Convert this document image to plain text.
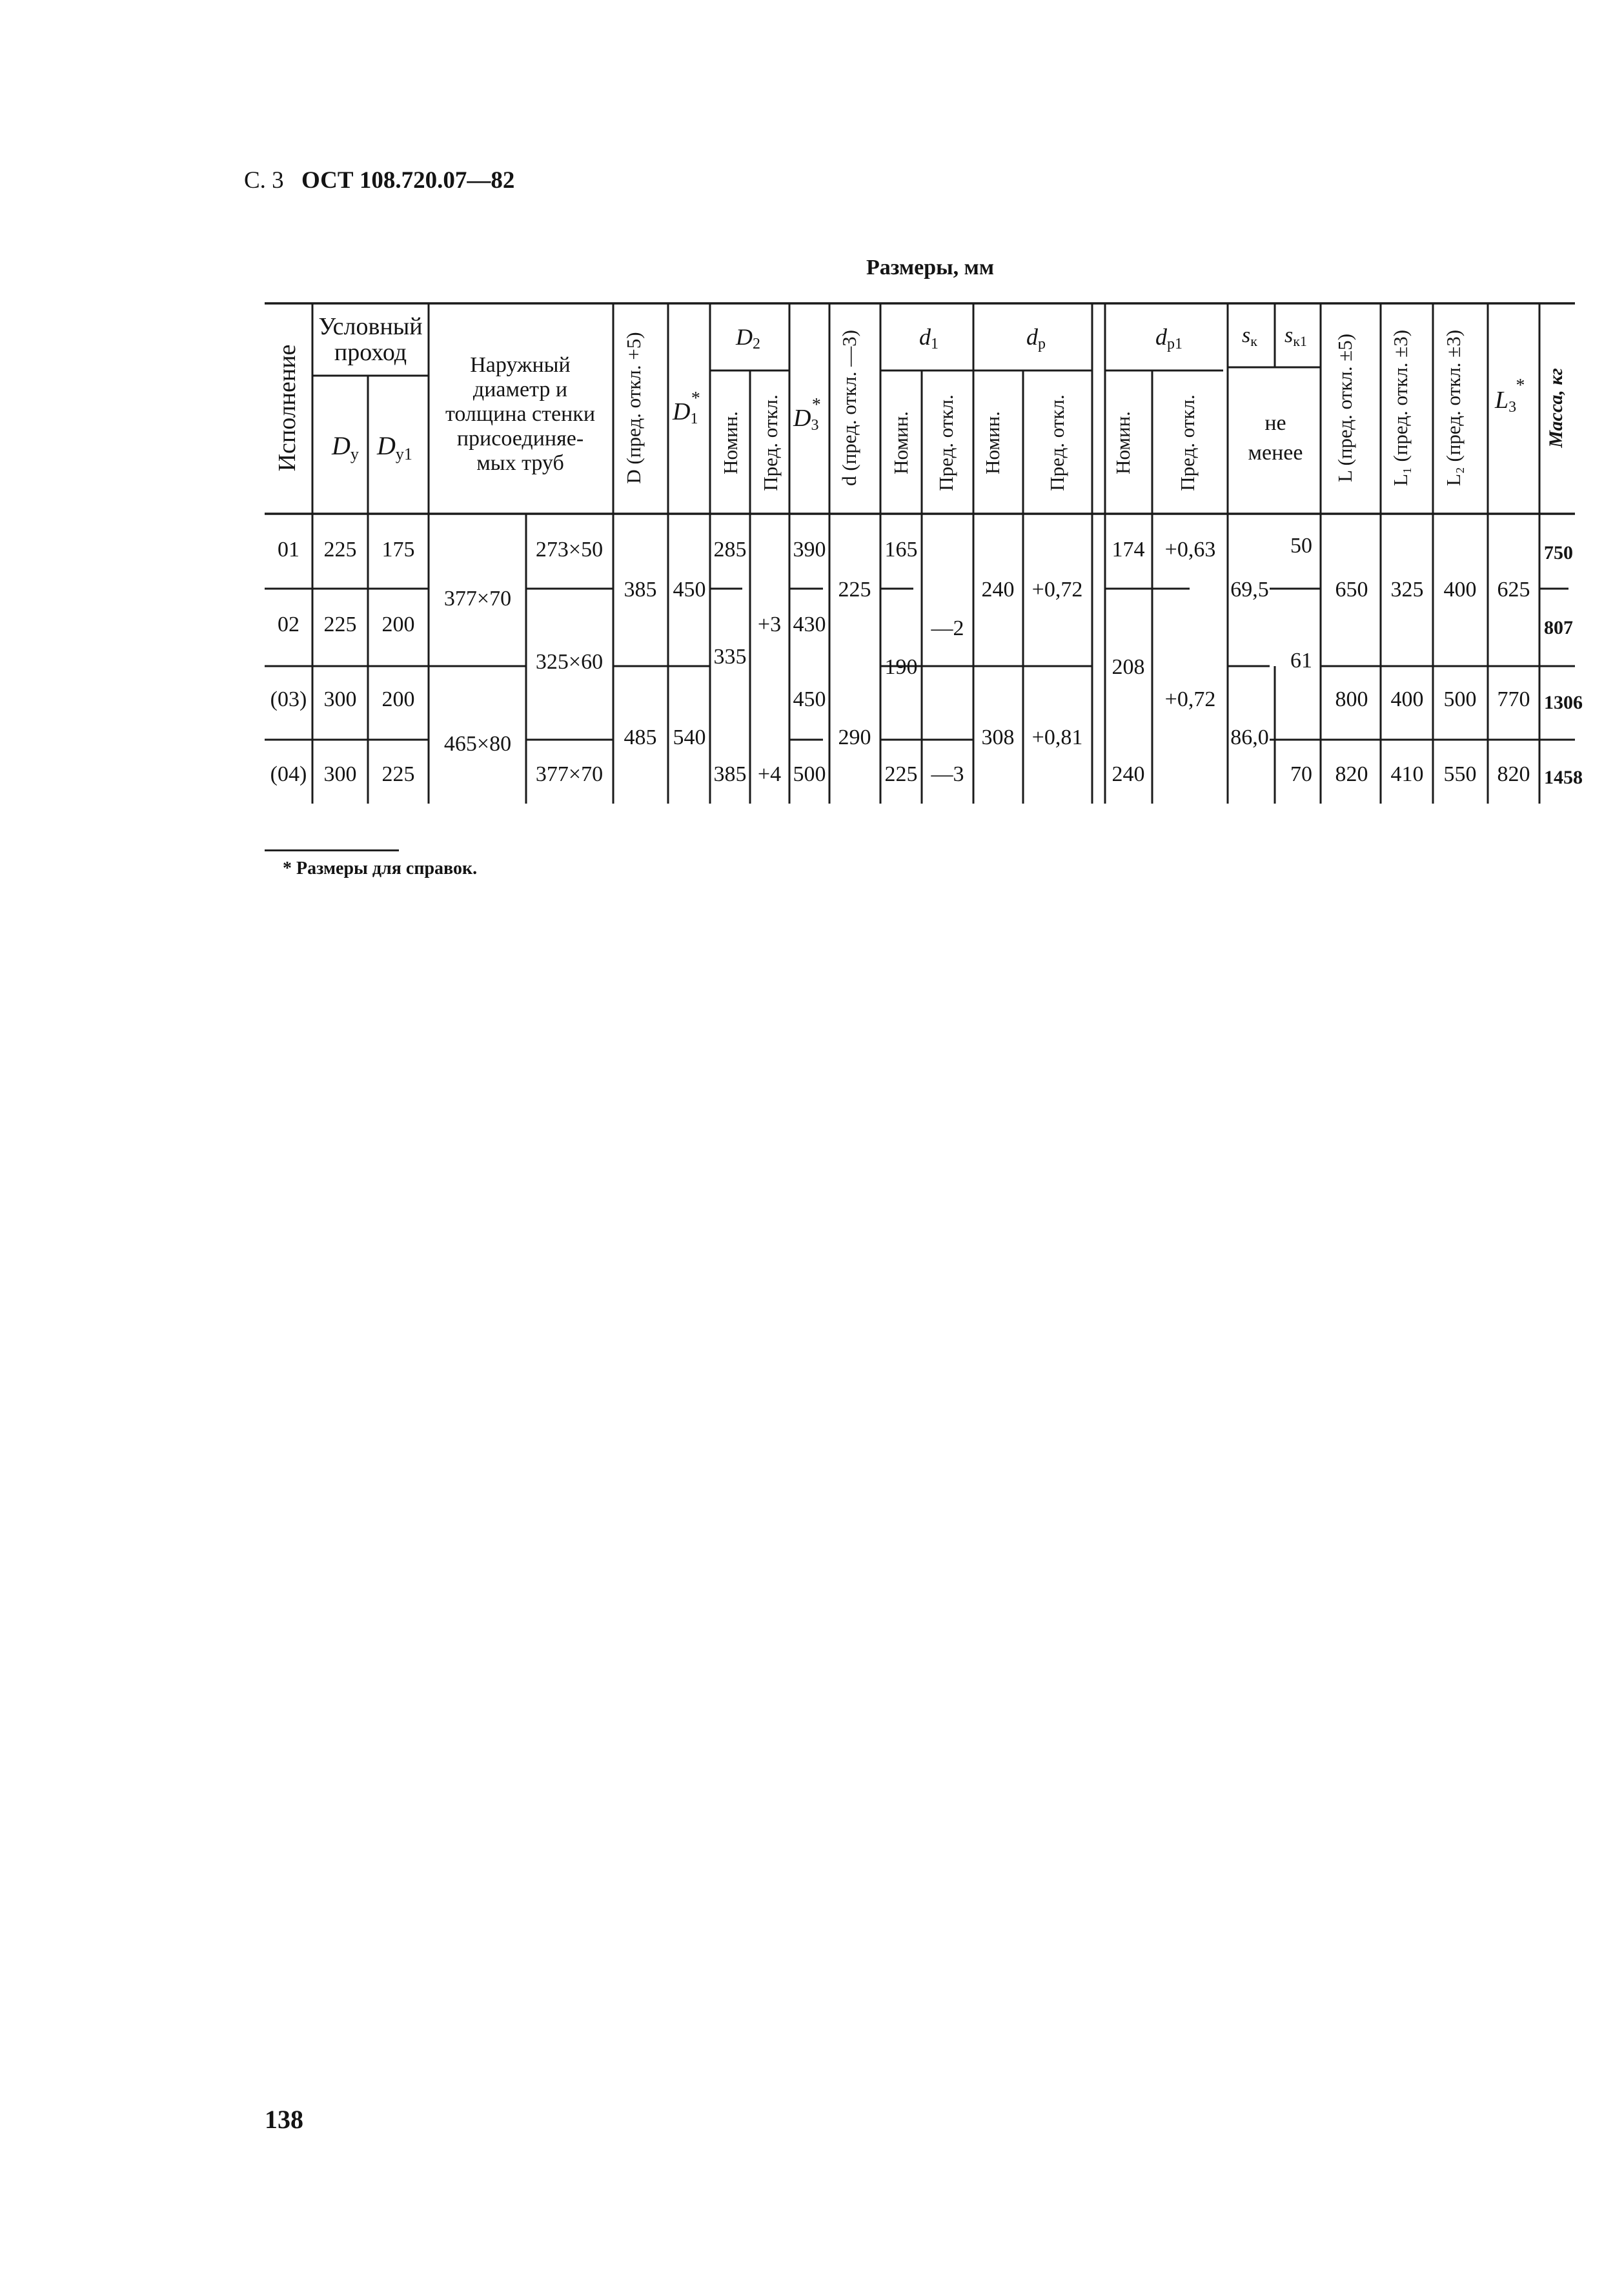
С. 3 ОСТ 108.720.07—82
Размеры, мм
Исполнение
Условный
проход
$D_у$ $D_{у1}$
Наружный
диаметр и
толщина стенки
присоединяе-
мых труб	D (пред. откл. +5) D1*
D2
Номин. Пред. откл. D3* d (пред. откл. —3)	d1
Номин. Пред. откл.
dр
Номин. Пред. откл.
dр1
Номин. Пред. откл.
sк sк1
не
менее L (пред. откл. ±5) L₁ (пред. откл. ±3) L₂ (пред. откл. ±3) L3* Масса, кг
01
02
(03)
(04)
225
225
300
300
175
200
200
225
377×70
465×80
273×50
325×60
377×70
385
485
450
540
285
335
385
+3
+4
390
430
450
500
225
290
165
190
225
—2
—3
240
308
+0,72
+0,81
174
208
240
+0,63
+0,72
69,5
86,0
50
61
70
650
800
820
325
400
410
400
500
550
625
770
820
750
807
1306
1458
* Размеры для справок.
138
